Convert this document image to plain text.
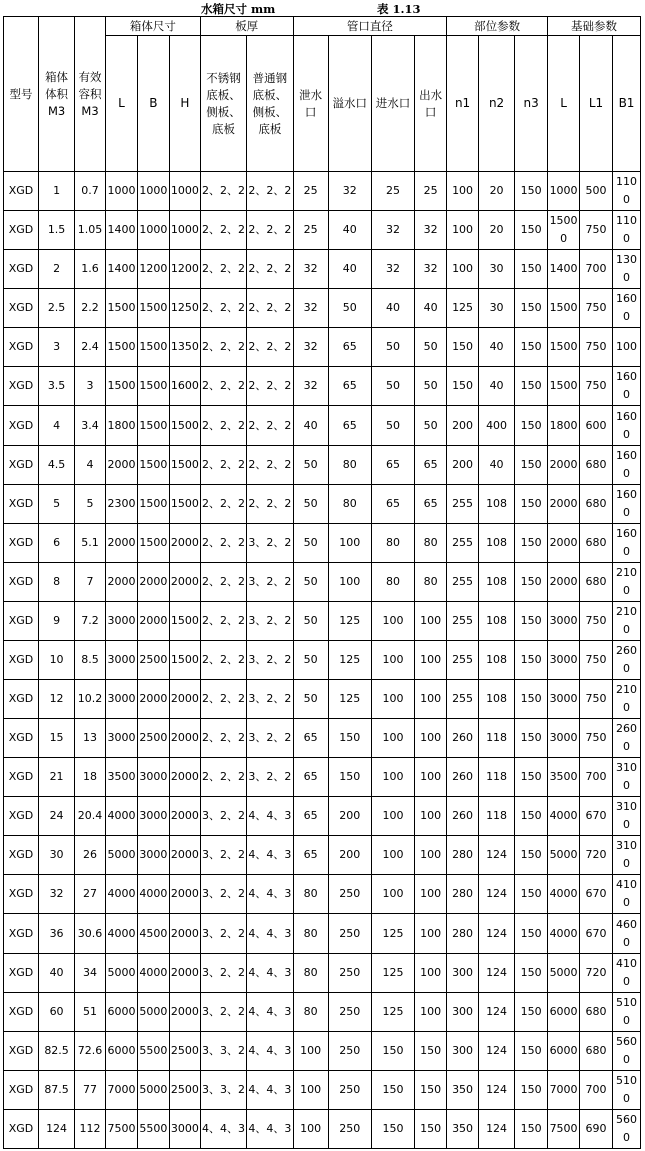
水箱尺寸 mm	表 1.13
型号	箱体体积M3	有效容积M3	箱体尺寸			板厚		管口直径				部位参数			基础参数		
			L	B	H	不锈钢底板、侧板、底板	普通钢底板、侧板、底板	泄水口	溢水口	进水口	出水口	n1	n2	n3	L	L1	B1
XGD	1	0.7	1000	1000	1000	2、2、2	2、2、2	25	32	25	25	100	20	150	1000	500	1100
XGD	1.5	1.05	1400	1000	1000	2、2、2	2、2、2	25	40	32	32	100	20	150	15000	750	1100
XGD	2	1.6	1400	1200	1200	2、2、2	2、2、2	32	40	32	32	100	30	150	1400	700	1300
XGD	2.5	2.2	1500	1500	1250	2、2、2	2、2、2	32	50	40	40	125	30	150	1500	750	1600
XGD	3	2.4	1500	1500	1350	2、2、2	2、2、2	32	65	50	50	150	40	150	1500	750	100
XGD	3.5	3	1500	1500	1600	2、2、2	2、2、2	32	65	50	50	150	40	150	1500	750	1600
XGD	4	3.4	1800	1500	1500	2、2、2	2、2、2	40	65	50	50	200	400	150	1800	600	1600
XGD	4.5	4	2000	1500	1500	2、2、2	2、2、2	50	80	65	65	200	40	150	2000	680	1600
XGD	5	5	2300	1500	1500	2、2、2	2、2、2	50	80	65	65	255	108	150	2000	680	1600
XGD	6	5.1	2000	1500	2000	2、2、2	3、2、2	50	100	80	80	255	108	150	2000	680	1600
XGD	8	7	2000	2000	2000	2、2、2	3、2、2	50	100	80	80	255	108	150	2000	680	2100
XGD	9	7.2	3000	2000	1500	2、2、2	3、2、2	50	125	100	100	255	108	150	3000	750	2100
XGD	10	8.5	3000	2500	1500	2、2、2	3、2、2	50	125	100	100	255	108	150	3000	750	2600
XGD	12	10.2	3000	2000	2000	2、2、2	3、2、2	50	125	100	100	255	108	150	3000	750	2100
XGD	15	13	3000	2500	2000	2、2、2	3、2、2	65	150	100	100	260	118	150	3000	750	2600
XGD	21	18	3500	3000	2000	2、2、2	3、2、2	65	150	100	100	260	118	150	3500	700	3100
XGD	24	20.4	4000	3000	2000	3、2、2	4、4、3	65	200	100	100	260	118	150	4000	670	3100
XGD	30	26	5000	3000	2000	3、2、2	4、4、3	65	200	100	100	280	124	150	5000	720	3100
XGD	32	27	4000	4000	2000	3、2、2	4、4、3	80	250	100	100	280	124	150	4000	670	4100
XGD	36	30.6	4000	4500	2000	3、2、2	4、4、3	80	250	125	100	280	124	150	4000	670	4600
XGD	40	34	5000	4000	2000	3、2、2	4、4、3	80	250	125	100	300	124	150	5000	720	4100
XGD	60	51	6000	5000	2000	3、2、2	4、4、3	80	250	125	100	300	124	150	6000	680	5100
XGD	82.5	72.6	6000	5500	2500	3、3、2	4、4、3	100	250	150	150	300	124	150	6000	680	5600
XGD	87.5	77	7000	5000	2500	3、3、2	4、4、3	100	250	150	150	350	124	150	7000	700	5100
XGD	124	112	7500	5500	3000	4、4、3	4、4、3	100	250	150	150	350	124	150	7500	690	5600
